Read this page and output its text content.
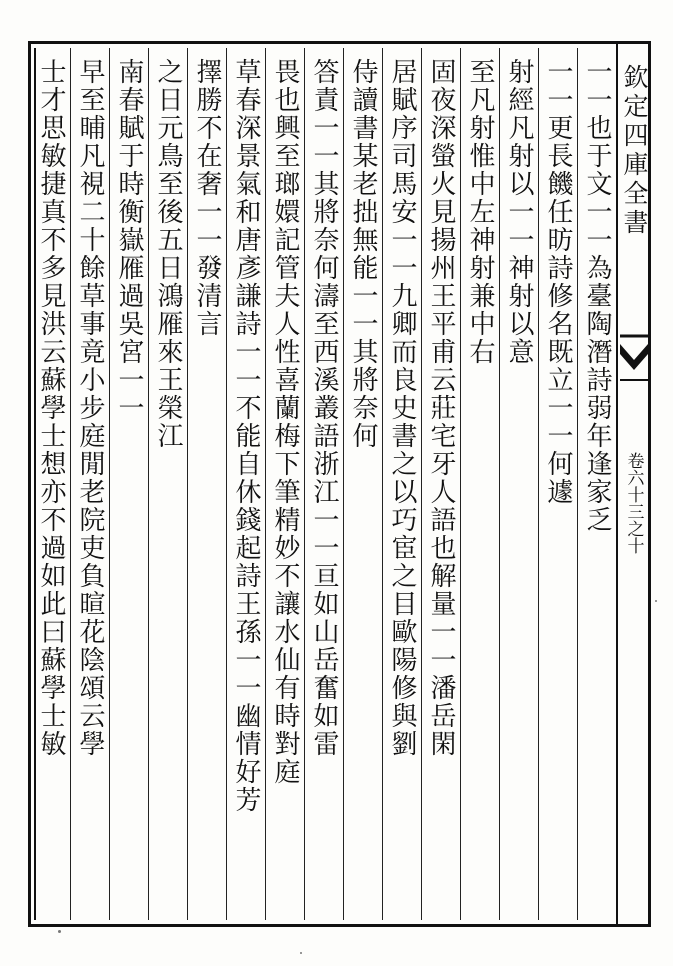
一一也于文一一為臺陶潛詩弱年逢家乏
一一更長饑任昉詩修名既立一一何遽
射經凡射以一一神射以意
至凡射惟中左神射兼中右
固夜深螢火見揚州王平甫云莊宅牙人語也解量一一潘岳閑
居賦序司馬安一一九卿而良史書之以巧宦之目歐陽修與劉
侍讀書某老拙無能一一其將奈何
答責一一其將奈何濤至西溪叢語浙江一一亘如山岳奮如雷
畏也興至瑯嬛記管夫人性喜蘭梅下筆精妙不讓水仙有時對庭
草春深景氣和唐彥謙詩一一不能自休錢起詩王孫一一幽情好芳
擇勝不在奢一一發清言
之日元鳥至後五日鴻雁來王榮江
南春賦于時衡嶽雁過吳宮一一
早至晡凡視二十餘草事竟小步庭閒老院吏負暄花陰頌云學
士才思敏捷真不多見洪云蘇學士想亦不過如此曰蘇學士敏	欽定四庫全書
卷六十三之十
